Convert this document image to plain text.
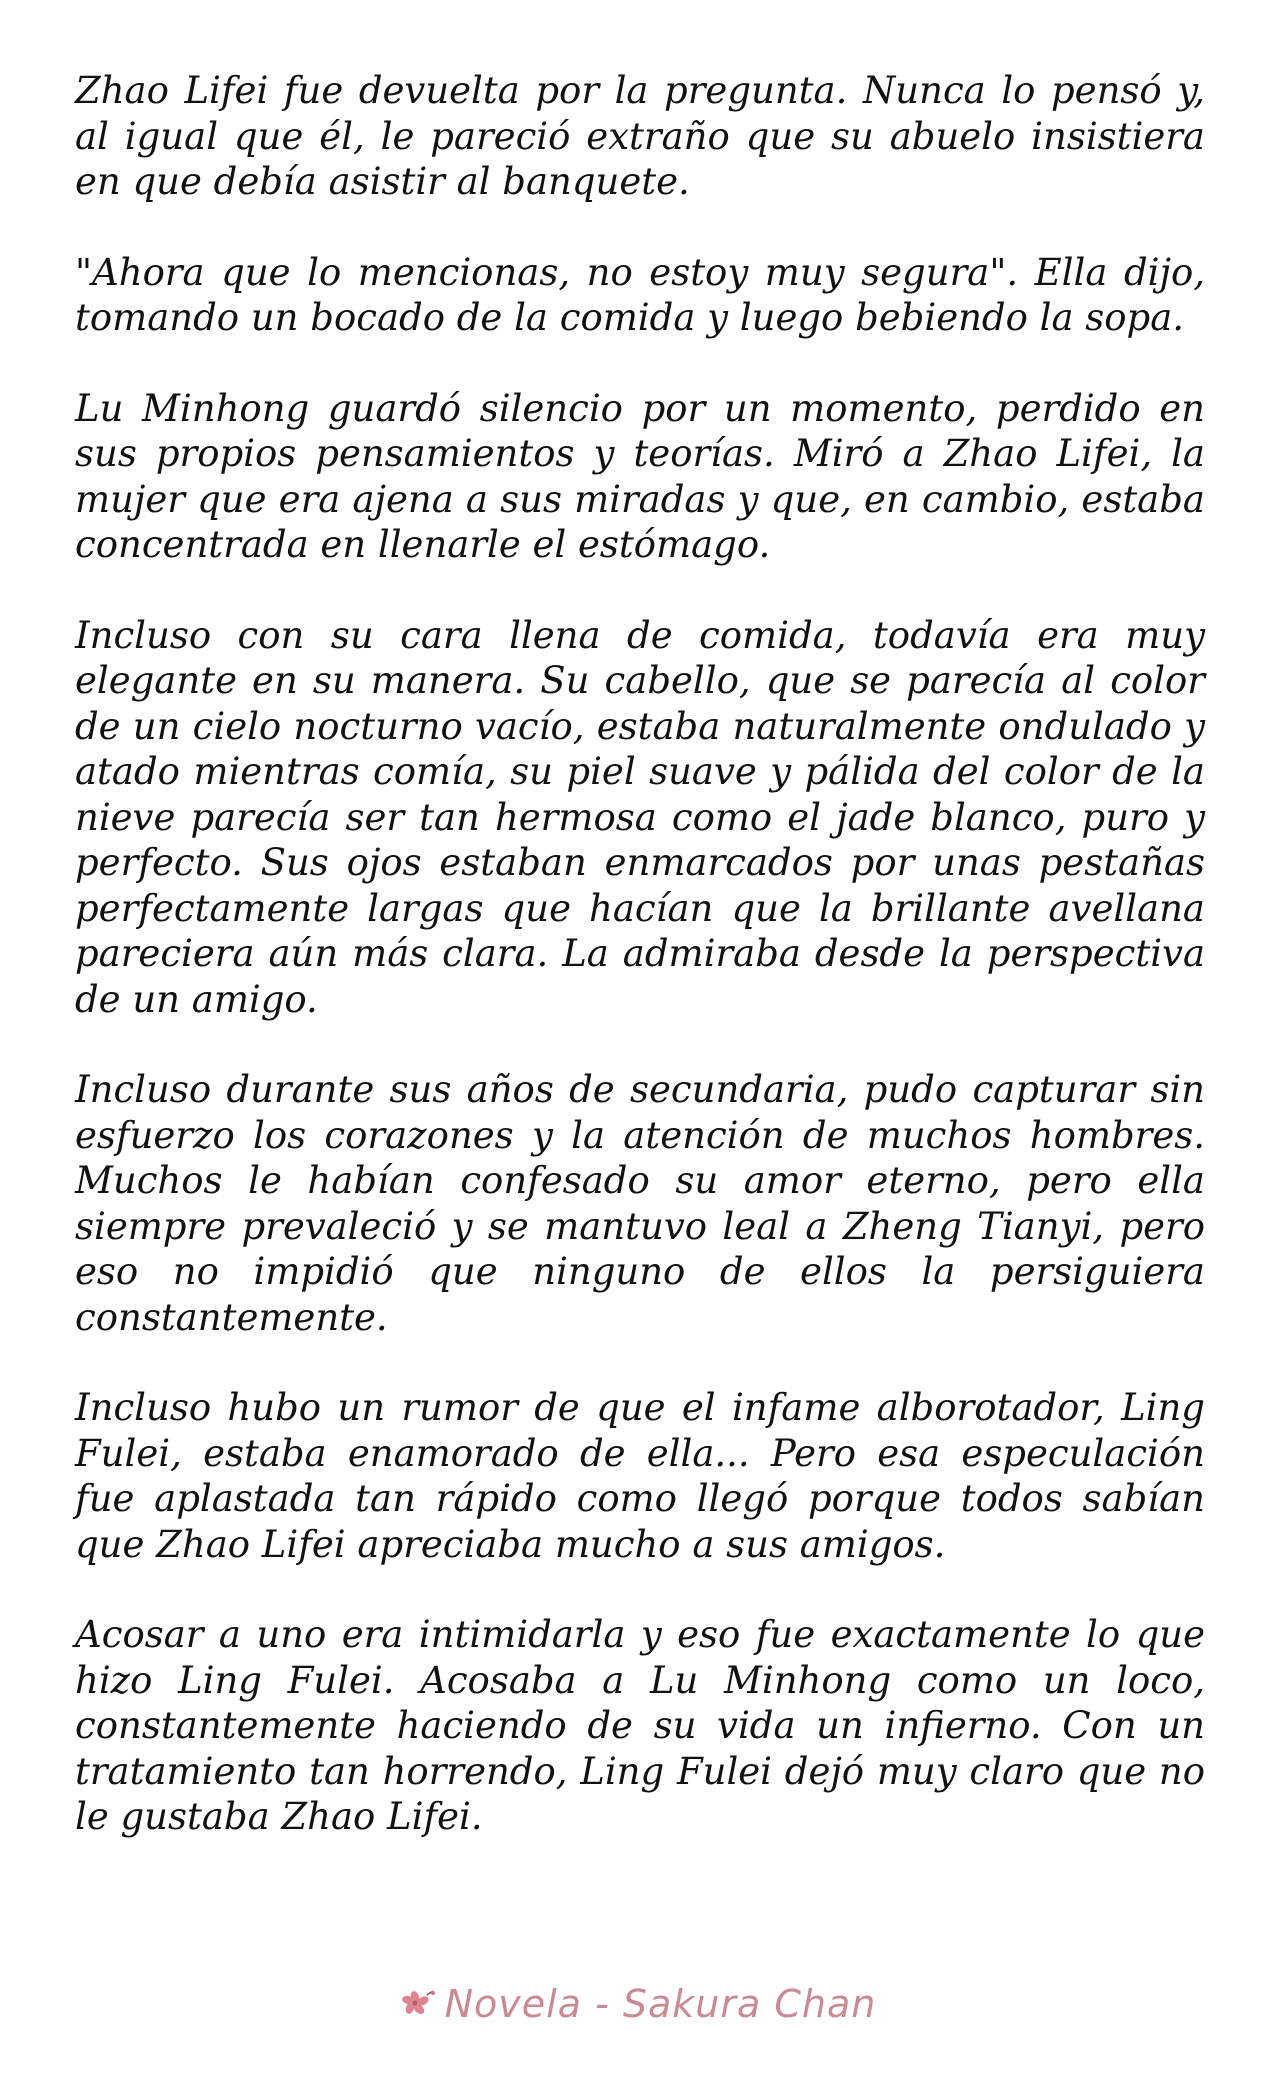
Zhao Lifei fue devuelta por la pregunta. Nunca lo pensó y, al igual que él, le pareció extraño que su abuelo insistiera en que debía asistir al banquete.

"Ahora que lo mencionas, no estoy muy segura". Ella dijo, tomando un bocado de la comida y luego bebiendo la sopa.

Lu Minhong guardó silencio por un momento, perdido en sus propios pensamientos y teorías. Miró a Zhao Lifei, la mujer que era ajena a sus miradas y que, en cambio, estaba concentrada en llenarle el estómago.

Incluso con su cara llena de comida, todavía era muy elegante en su manera. Su cabello, que se parecía al color de un cielo nocturno vacío, estaba naturalmente ondulado y atado mientras comía, su piel suave y pálida del color de la nieve parecía ser tan hermosa como el jade blanco, puro y perfecto. Sus ojos estaban enmarcados por unas pestañas perfectamente largas que hacían que la brillante avellana pareciera aún más clara. La admiraba desde la perspectiva de un amigo.

Incluso durante sus años de secundaria, pudo capturar sin esfuerzo los corazones y la atención de muchos hombres. Muchos le habían confesado su amor eterno, pero ella siempre prevaleció y se mantuvo leal a Zheng Tianyi, pero eso no impidió que ninguno de ellos la persiguiera constantemente.

Incluso hubo un rumor de que el infame alborotador, Ling Fulei, estaba enamorado de ella... Pero esa especulación fue aplastada tan rápido como llegó porque todos sabían que Zhao Lifei apreciaba mucho a sus amigos.

Acosar a uno era intimidarla y eso fue exactamente lo que hizo Ling Fulei. Acosaba a Lu Minhong como un loco, constantemente haciendo de su vida un infierno. Con un tratamiento tan horrendo, Ling Fulei dejó muy claro que no le gustaba Zhao Lifei.

Novela - Sakura Chan
